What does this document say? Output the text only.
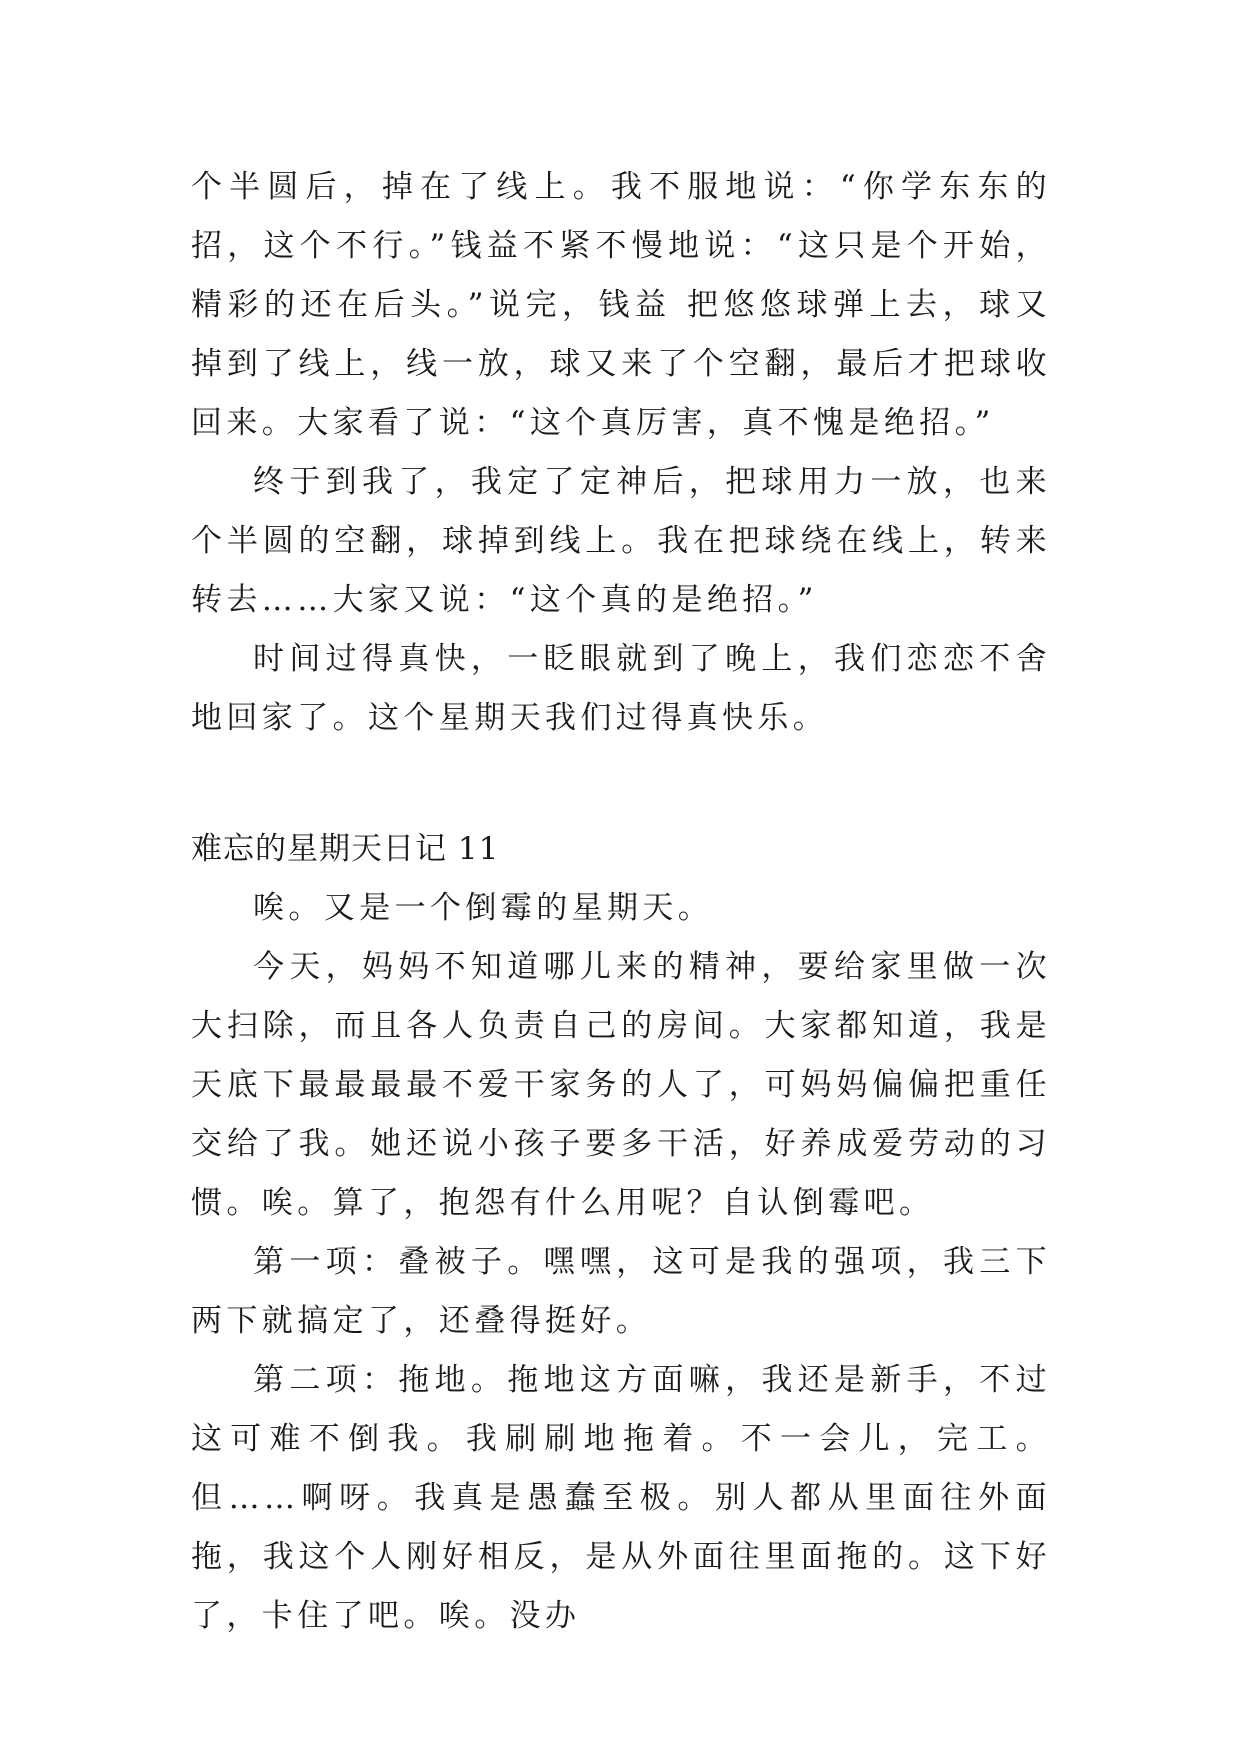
个半圆后，掉在了线上。我不服地说：“你学东东的招，这个不行。”钱益不紧不慢地说：“这只是个开始，精彩的还在后头。”说完，钱益 把悠悠球弹上去，球又掉到了线上，线一放，球又来了个空翻，最后才把球收回来。大家看了说：“这个真厉害，真不愧是绝招。”

终于到我了，我定了定神后，把球用力一放，也来个半圆的空翻，球掉到线上。我在把球绕在线上，转来转去……大家又说：“这个真的是绝招。”

时间过得真快，一眨眼就到了晚上，我们恋恋不舍地回家了。这个星期天我们过得真快乐。

难忘的星期天日记 11

唉。又是一个倒霉的星期天。

今天，妈妈不知道哪儿来的精神，要给家里做一次大扫除，而且各人负责自己的房间。大家都知道，我是天底下最最最最不爱干家务的人了，可妈妈偏偏把重任交给了我。她还说小孩子要多干活，好养成爱劳动的习惯。唉。算了，抱怨有什么用呢？自认倒霉吧。

第一项：叠被子。嘿嘿，这可是我的强项，我三下两下就搞定了，还叠得挺好。

第二项：拖地。拖地这方面嘛，我还是新手，不过这可难不倒我。我刷刷地拖着。不一会儿，完工。但……啊呀。我真是愚蠢至极。别人都从里面往外面拖，我这个人刚好相反，是从外面往里面拖的。这下好了，卡住了吧。唉。没办
